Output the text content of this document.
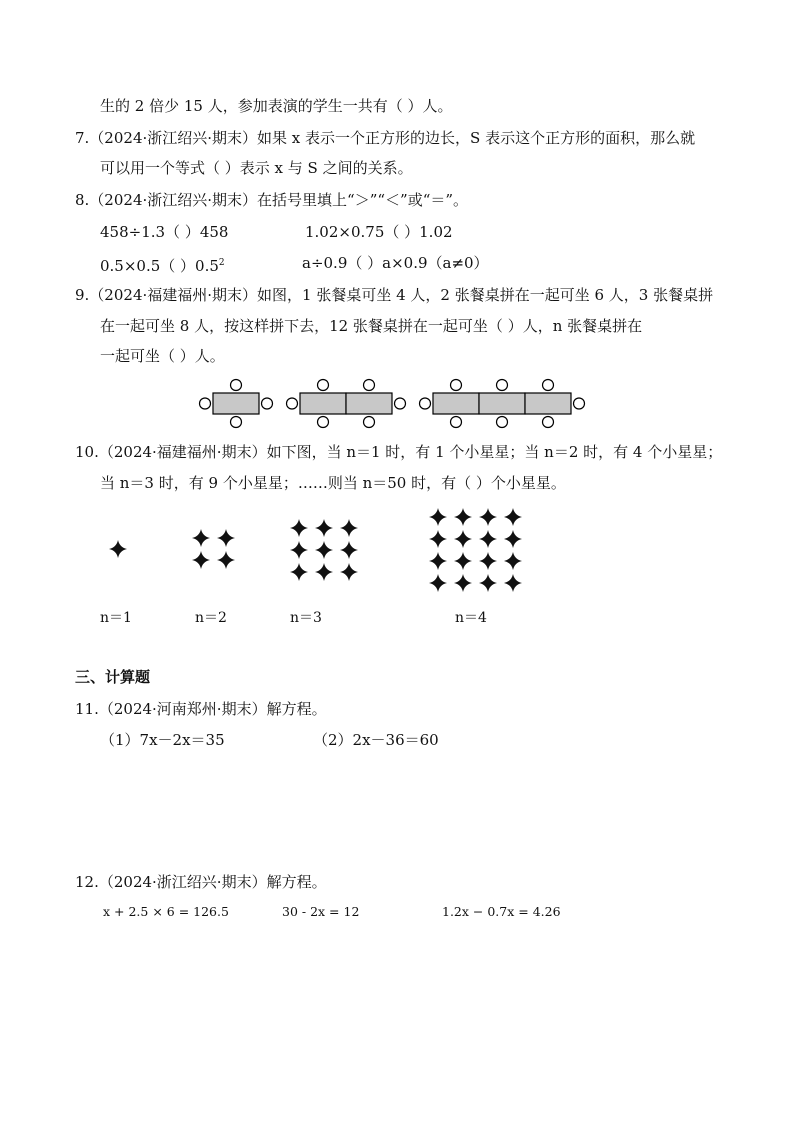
生的 2 倍少 15 人，参加表演的学生一共有（ ）人。
7.（2024·浙江绍兴·期末）如果 x 表示一个正方形的边长，S 表示这个正方形的面积，那么就
可以用一个等式（ ）表示 x 与 S 之间的关系。
8.（2024·浙江绍兴·期末）在括号里填上“＞”“＜”或“＝”。
458÷1.3（ ）458	1.02×0.75（ ）1.02
0.5×0.5（ ）$0.5^2$	a÷0.9（ ）a×0.9（a≠0）
9.（2024·福建福州·期末）如图，1 张餐桌可坐 4 人，2 张餐桌拼在一起可坐 6 人，3 张餐桌拼
在一起可坐 8 人，按这样拼下去，12 张餐桌拼在一起可坐（ ）人，n 张餐桌拼在
一起可坐（ ）人。
10.（2024·福建福州·期末）如下图，当 n＝1 时，有 1 个小星星；当 n＝2 时，有 4 个小星星；
当 n＝3 时，有 9 个小星星；……则当 n＝50 时，有（ ）个小星星。
n＝1	n＝2	n＝3	n＝4
三、计算题
11.（2024·河南郑州·期末）解方程。
（1）7x－2x＝35	（2）2x－36＝60
12.（2024·浙江绍兴·期末）解方程。
x + 2.5 × 6 = 126.5	30 - 2x = 12	1.2x − 0.7x = 4.26
